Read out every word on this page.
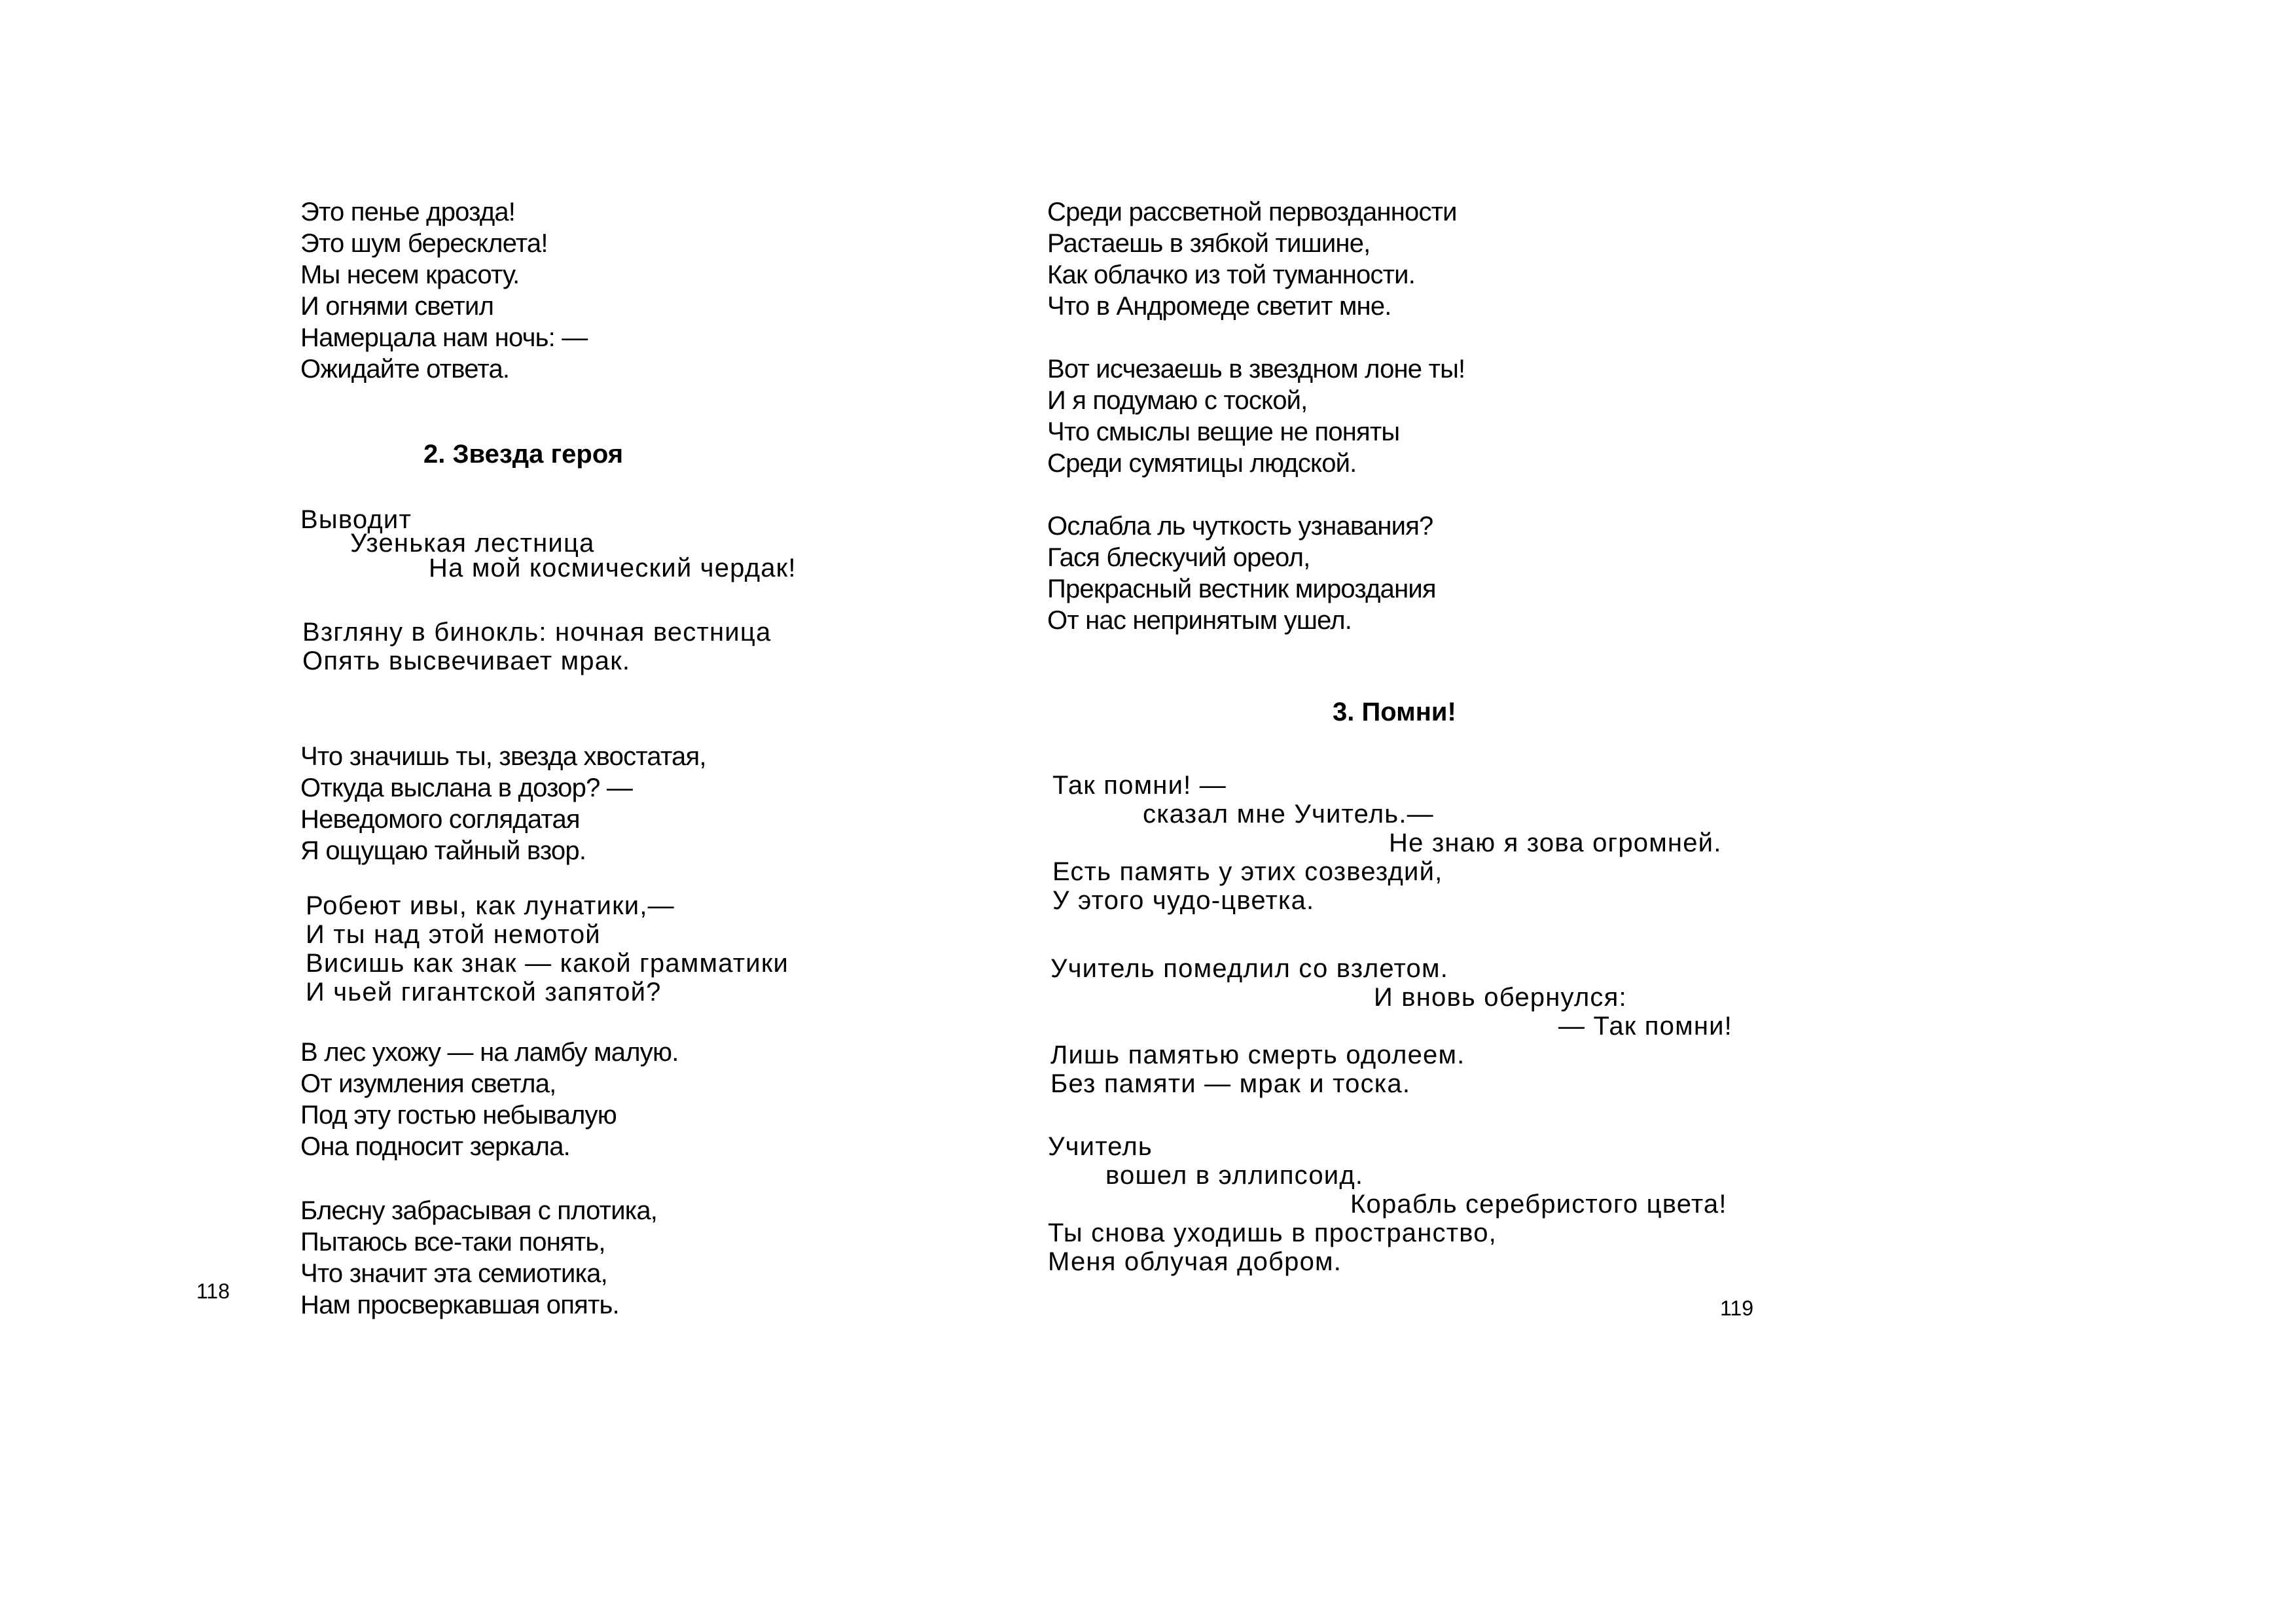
Это пенье дрозда!
Это шум бересклета!
Мы несем красоту.
И огнями светил
Намерцала нам ночь: —
Ожидайте ответа.
2. Звезда героя
Выводит
Узенькая лестница
На мой космический чердак!
Взгляну в бинокль: ночная вестница
Опять высвечивает мрак.
Что значишь ты, звезда хвостатая,
Откуда выслана в дозор? —
Неведомого соглядатая
Я ощущаю тайный взор.
Робеют ивы, как лунатики,—
И ты над этой немотой
Висишь как знак — какой грамматики
И чьей гигантской запятой?
В лес ухожу — на ламбу малую.
От изумления светла,
Под эту гостью небывалую
Она подносит зеркала.
Блесну забрасывая с плотика,
Пытаюсь все-таки понять,
Что значит эта семиотика,
Нам просверкавшая опять.
118
Среди рассветной первозданности
Растаешь в зябкой тишине,
Как облачко из той туманности.
Что в Андромеде светит мне.
Вот исчезаешь в звездном лоне ты!
И я подумаю с тоской,
Что смыслы вещие не поняты
Среди сумятицы людской.
Ослабла ль чуткость узнавания?
Гася блескучий ореол,
Прекрасный вестник мироздания
От нас непринятым ушел.
3. Помни!
Так помни! —
сказал мне Учитель.—
Не знаю я зова огромней.
Есть память у этих созвездий,
У этого чудо-цветка.
Учитель помедлил со взлетом.
И вновь обернулся:
— Так помни!
Лишь памятью смерть одолеем.
Без памяти — мрак и тоска.
Учитель
вошел в эллипсоид.
Корабль серебристого цвета!
Ты снова уходишь в пространство,
Меня облучая добром.
119
